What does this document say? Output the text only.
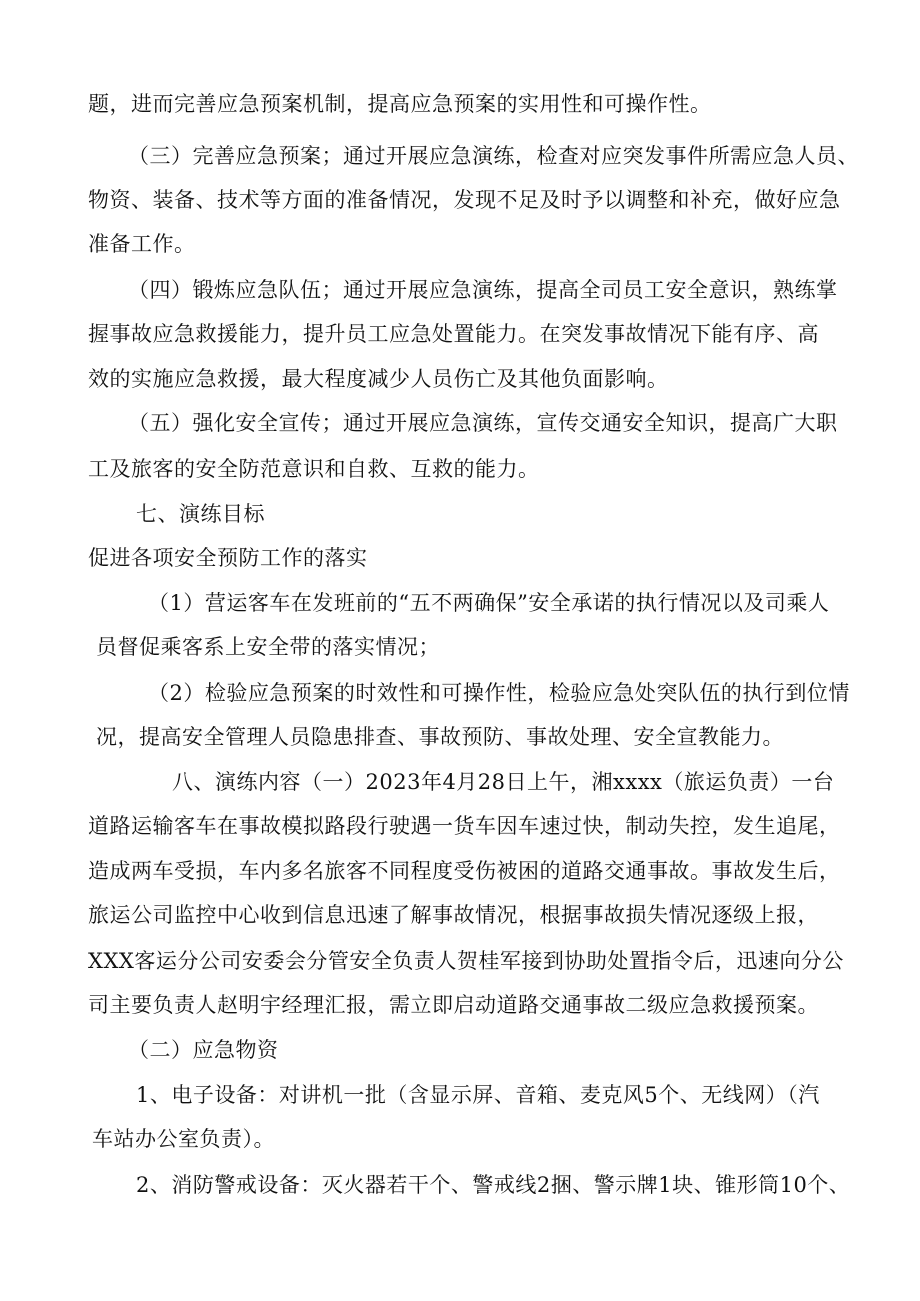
题，进而完善应急预案机制，提高应急预案的实用性和可操作性。
（三）完善应急预案；通过开展应急演练，检查对应突发事件所需应急人员、
物资、装备、技术等方面的准备情况，发现不足及时予以调整和补充，做好应急
准备工作。
（四）锻炼应急队伍；通过开展应急演练，提高全司员工安全意识，熟练掌
握事故应急救援能力，提升员工应急处置能力。在突发事故情况下能有序、高
效的实施应急救援，最大程度减少人员伤亡及其他负面影响。
（五）强化安全宣传；通过开展应急演练，宣传交通安全知识，提高广大职
工及旅客的安全防范意识和自救、互救的能力。
七、演练目标
促进各项安全预防工作的落实
（1）营运客车在发班前的“五不两确保”安全承诺的执行情况以及司乘人
员督促乘客系上安全带的落实情况；
（2）检验应急预案的时效性和可操作性，检验应急处突队伍的执行到位情
况，提高安全管理人员隐患排查、事故预防、事故处理、安全宣教能力。
八、演练内容（一）2023年4月28日上午，湘xxxx（旅运负责）一台
道路运输客车在事故模拟路段行驶遇一货车因车速过快，制动失控，发生追尾，
造成两车受损，车内多名旅客不同程度受伤被困的道路交通事故。事故发生后，
旅运公司监控中心收到信息迅速了解事故情况，根据事故损失情况逐级上报，
XXX客运分公司安委会分管安全负责人贺桂军接到协助处置指令后，迅速向分公
司主要负责人赵明宇经理汇报，需立即启动道路交通事故二级应急救援预案。
（二）应急物资
1、电子设备：对讲机一批（含显示屏、音箱、麦克风5个、无线网）（汽
车站办公室负责）。
2、消防警戒设备：灭火器若干个、警戒线2捆、警示牌1块、锥形筒10个、
